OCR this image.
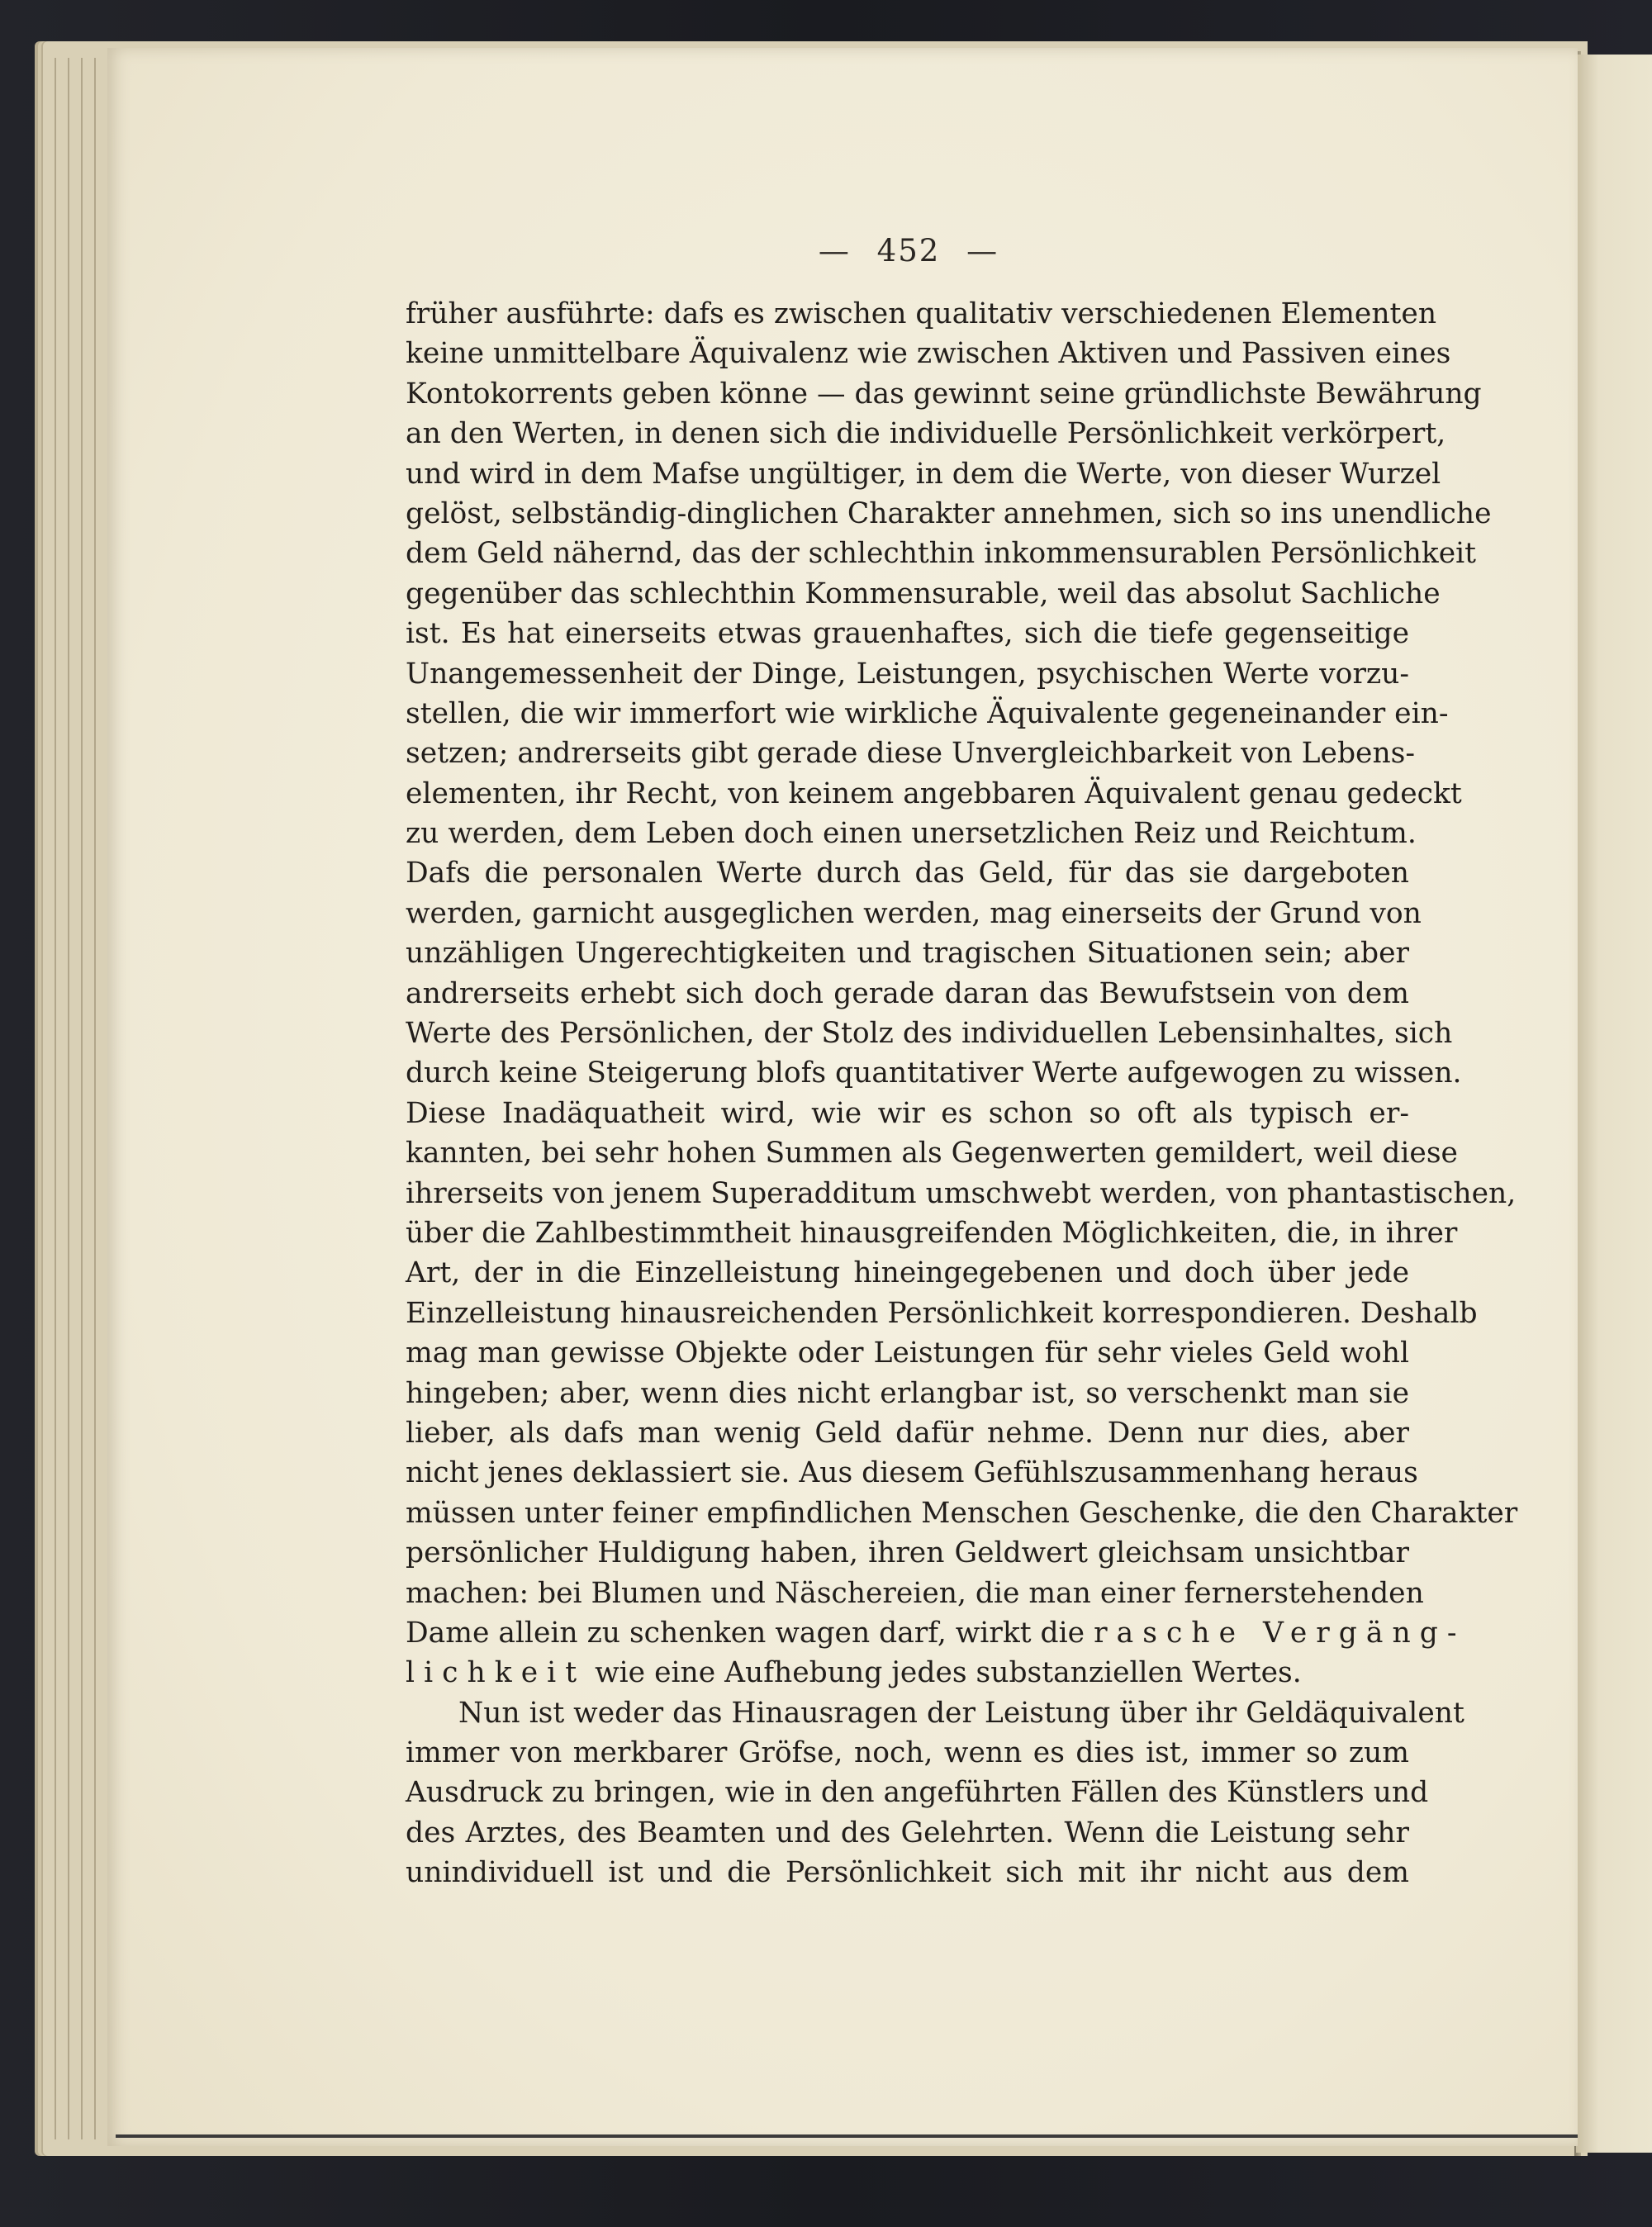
— 452 —
früher ausführte: dafs es zwischen qualitativ verschiedenen Elementen
keine unmittelbare Äquivalenz wie zwischen Aktiven und Passiven eines
Kontokorrents geben könne — das gewinnt seine gründlichste Bewährung
an den Werten, in denen sich die individuelle Persönlichkeit verkörpert,
und wird in dem Mafse ungültiger, in dem die Werte, von dieser Wurzel
gelöst, selbständig-dinglichen Charakter annehmen, sich so ins unendliche
dem Geld nähernd, das der schlechthin inkommensurablen Persönlichkeit
gegenüber das schlechthin Kommensurable, weil das absolut Sachliche
ist. Es hat einerseits etwas grauenhaftes, sich die tiefe gegenseitige
Unangemessenheit der Dinge, Leistungen, psychischen Werte vorzu-
stellen, die wir immerfort wie wirkliche Äquivalente gegeneinander ein-
setzen; andrerseits gibt gerade diese Unvergleichbarkeit von Lebens-
elementen, ihr Recht, von keinem angebbaren Äquivalent genau gedeckt
zu werden, dem Leben doch einen unersetzlichen Reiz und Reichtum.
Dafs die personalen Werte durch das Geld, für das sie dargeboten
werden, garnicht ausgeglichen werden, mag einerseits der Grund von
unzähligen Ungerechtigkeiten und tragischen Situationen sein; aber
andrerseits erhebt sich doch gerade daran das Bewufstsein von dem
Werte des Persönlichen, der Stolz des individuellen Lebensinhaltes, sich
durch keine Steigerung blofs quantitativer Werte aufgewogen zu wissen.
Diese Inadäquatheit wird, wie wir es schon so oft als typisch er-
kannten, bei sehr hohen Summen als Gegenwerten gemildert, weil diese
ihrerseits von jenem Superadditum umschwebt werden, von phantastischen,
über die Zahlbestimmtheit hinausgreifenden Möglichkeiten, die, in ihrer
Art, der in die Einzelleistung hineingegebenen und doch über jede
Einzelleistung hinausreichenden Persönlichkeit korrespondieren. Deshalb
mag man gewisse Objekte oder Leistungen für sehr vieles Geld wohl
hingeben; aber, wenn dies nicht erlangbar ist, so verschenkt man sie
lieber, als dafs man wenig Geld dafür nehme. Denn nur dies, aber
nicht jenes deklassiert sie. Aus diesem Gefühlszusammenhang heraus
müssen unter feiner empfindlichen Menschen Geschenke, die den Charakter
persönlicher Huldigung haben, ihren Geldwert gleichsam unsichtbar
machen: bei Blumen und Näschereien, die man einer fernerstehenden
Dame allein zu schenken wagen darf, wirkt die rasche Vergäng-
lichkeit wie eine Aufhebung jedes substanziellen Wertes.
Nun ist weder das Hinausragen der Leistung über ihr Geldäquivalent
immer von merkbarer Gröfse, noch, wenn es dies ist, immer so zum
Ausdruck zu bringen, wie in den angeführten Fällen des Künstlers und
des Arztes, des Beamten und des Gelehrten. Wenn die Leistung sehr
unindividuell ist und die Persönlichkeit sich mit ihr nicht aus dem
